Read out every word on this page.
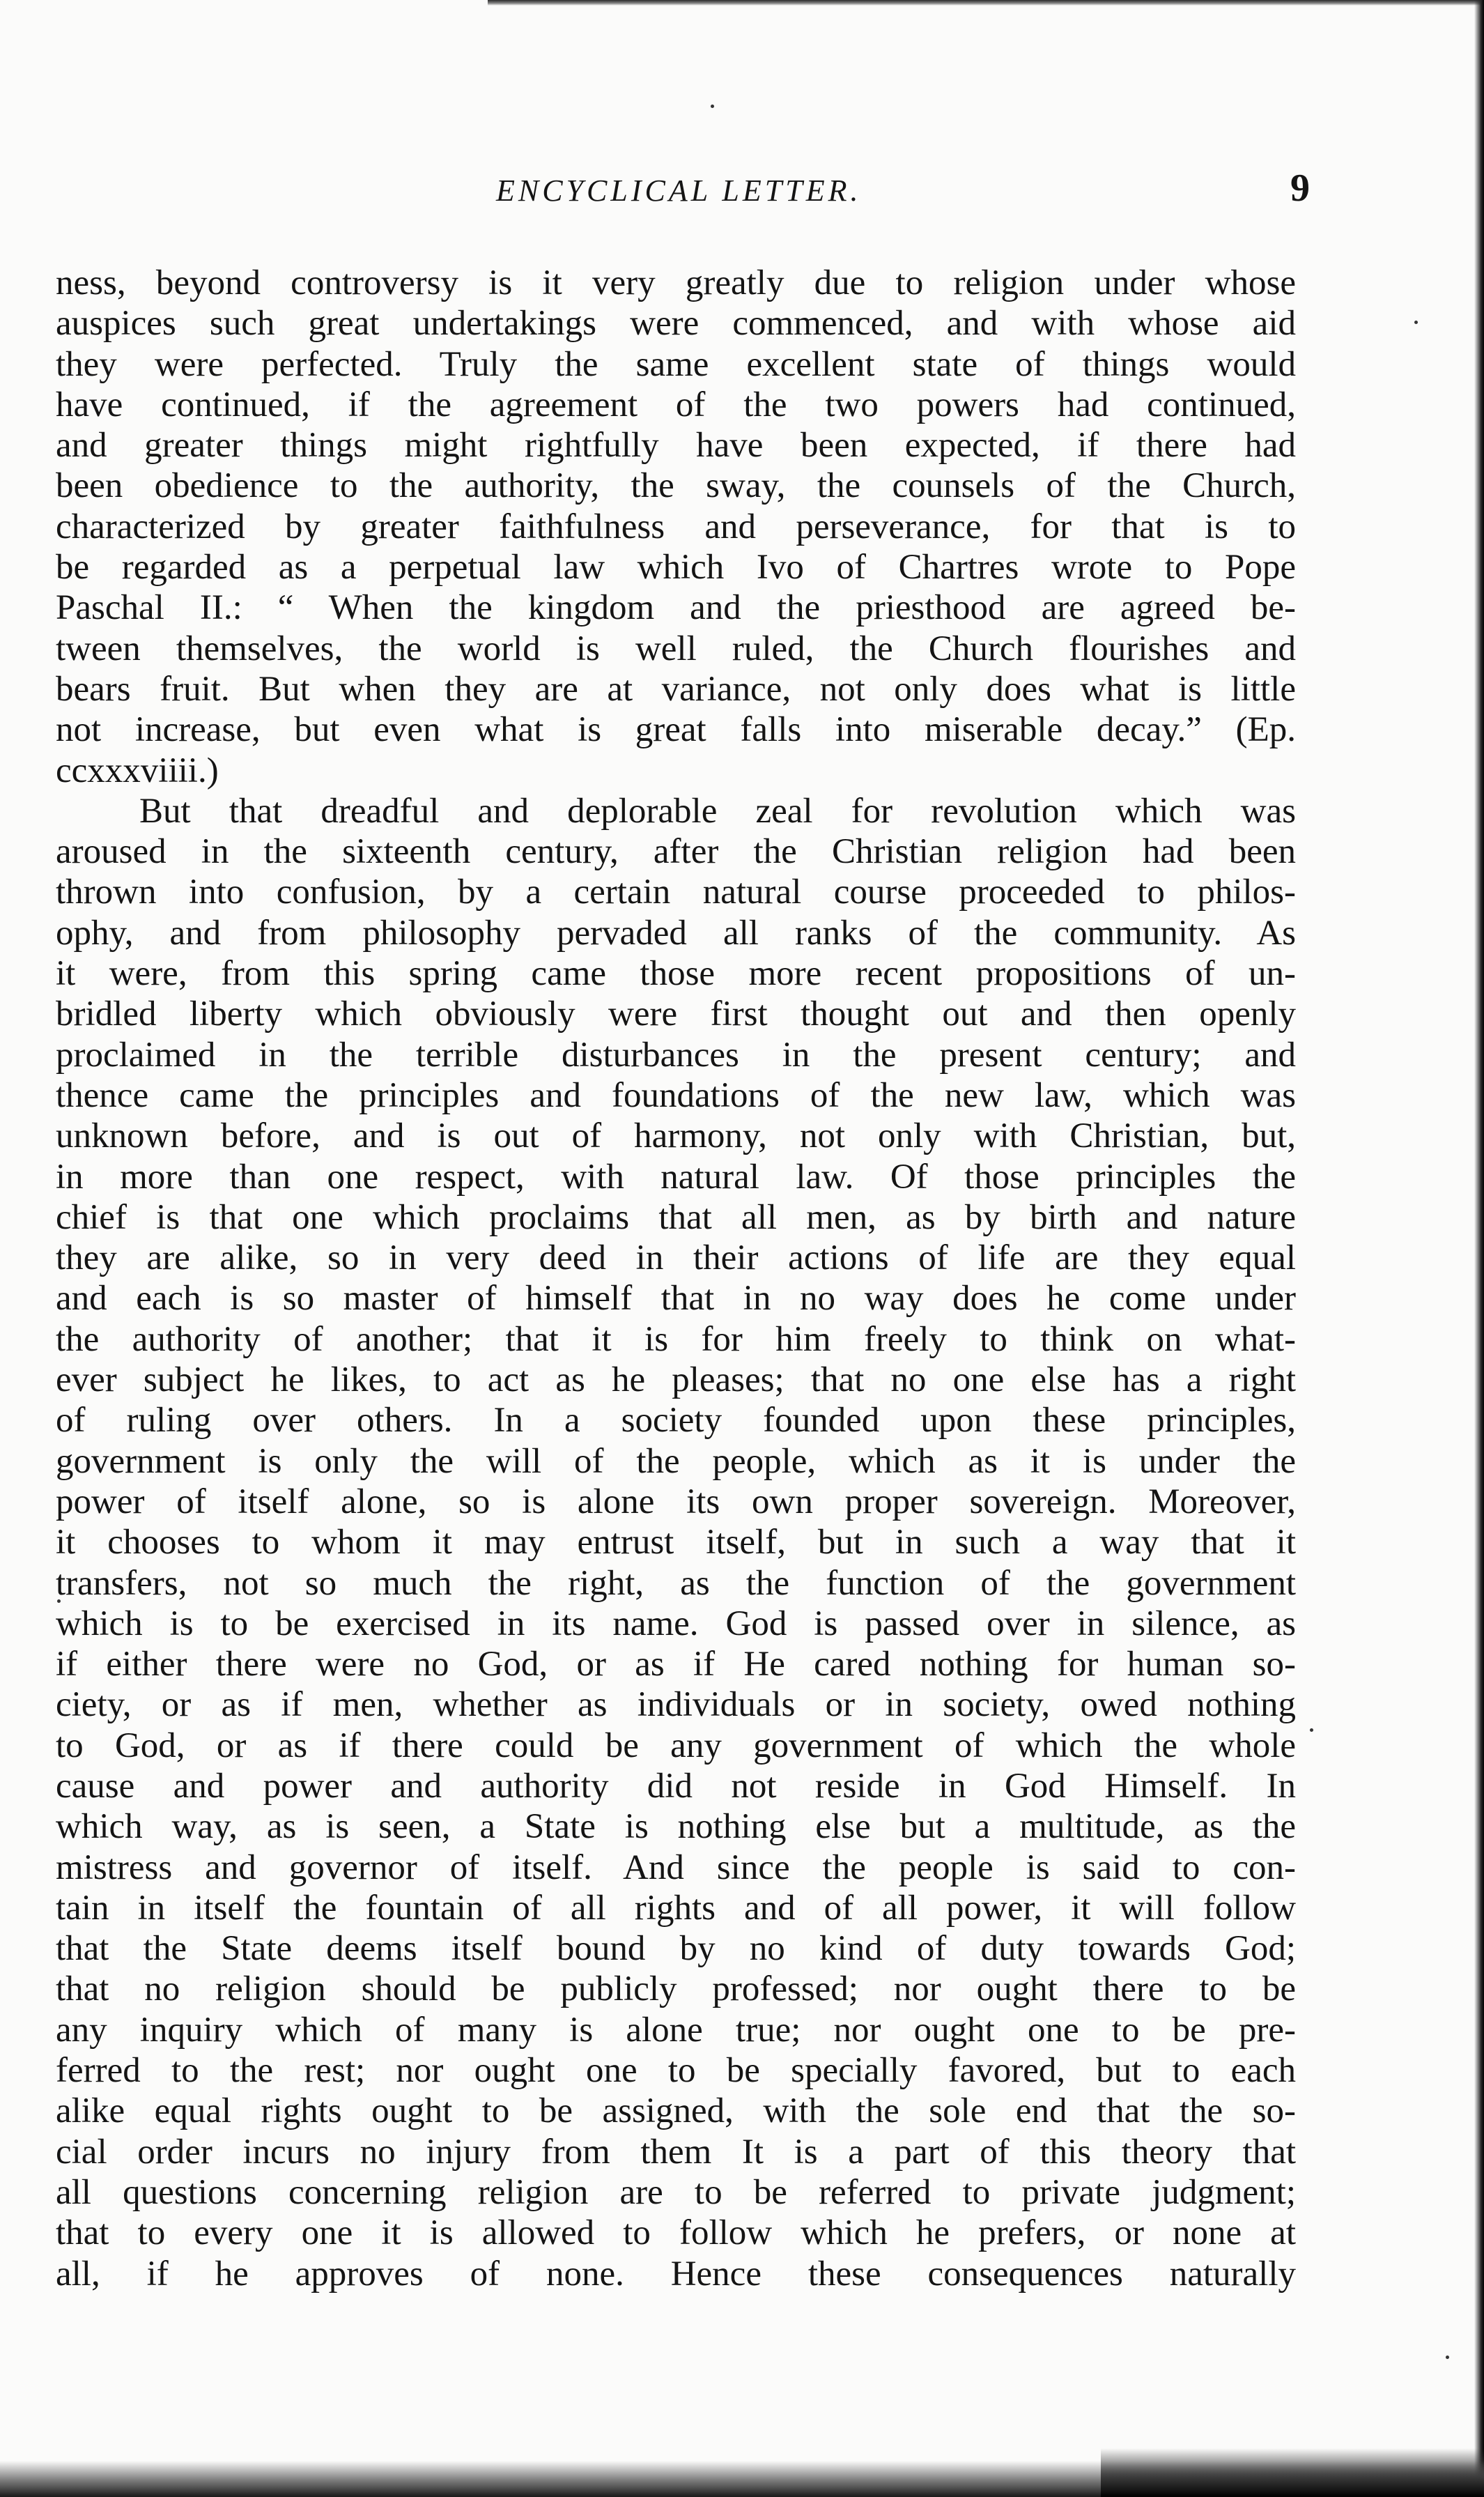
ENCYCLICAL LETTER.	9
ness, beyond controversy is it very greatly due to religion under whose
auspices such great undertakings were commenced, and with whose aid
they were perfected. Truly the same excellent state of things would
have continued, if the agreement of the two powers had continued,
and greater things might rightfully have been expected, if there had
been obedience to the authority, the sway, the counsels of the Church,
characterized by greater faithfulness and perseverance, for that is to
be regarded as a perpetual law which Ivo of Chartres wrote to Pope
Paschal II.: “ When the kingdom and the priesthood are agreed be-
tween themselves, the world is well ruled, the Church flourishes and
bears fruit. But when they are at variance, not only does what is little
not increase, but even what is great falls into miserable decay.” (Ep.
ccxxxviiii.)
But that dreadful and deplorable zeal for revolution which was
aroused in the sixteenth century, after the Christian religion had been
thrown into confusion, by a certain natural course proceeded to philos-
ophy, and from philosophy pervaded all ranks of the community. As
it were, from this spring came those more recent propositions of un-
bridled liberty which obviously were first thought out and then openly
proclaimed in the terrible disturbances in the present century; and
thence came the principles and foundations of the new law, which was
unknown before, and is out of harmony, not only with Christian, but,
in more than one respect, with natural law. Of those principles the
chief is that one which proclaims that all men, as by birth and nature
they are alike, so in very deed in their actions of life are they equal
and each is so master of himself that in no way does he come under
the authority of another; that it is for him freely to think on what-
ever subject he likes, to act as he pleases; that no one else has a right
of ruling over others. In a society founded upon these principles,
government is only the will of the people, which as it is under the
power of itself alone, so is alone its own proper sovereign. Moreover,
it chooses to whom it may entrust itself, but in such a way that it
transfers, not so much the right, as the function of the government
which is to be exercised in its name. God is passed over in silence, as
if either there were no God, or as if He cared nothing for human so-
ciety, or as if men, whether as individuals or in society, owed nothing
to God, or as if there could be any government of which the whole
cause and power and authority did not reside in God Himself. In
which way, as is seen, a State is nothing else but a multitude, as the
mistress and governor of itself. And since the people is said to con-
tain in itself the fountain of all rights and of all power, it will follow
that the State deems itself bound by no kind of duty towards God;
that no religion should be publicly professed; nor ought there to be
any inquiry which of many is alone true; nor ought one to be pre-
ferred to the rest; nor ought one to be specially favored, but to each
alike equal rights ought to be assigned, with the sole end that the so-
cial order incurs no injury from them It is a part of this theory that
all questions concerning religion are to be referred to private judgment;
that to every one it is allowed to follow which he prefers, or none at
all, if he approves of none. Hence these consequences naturally
